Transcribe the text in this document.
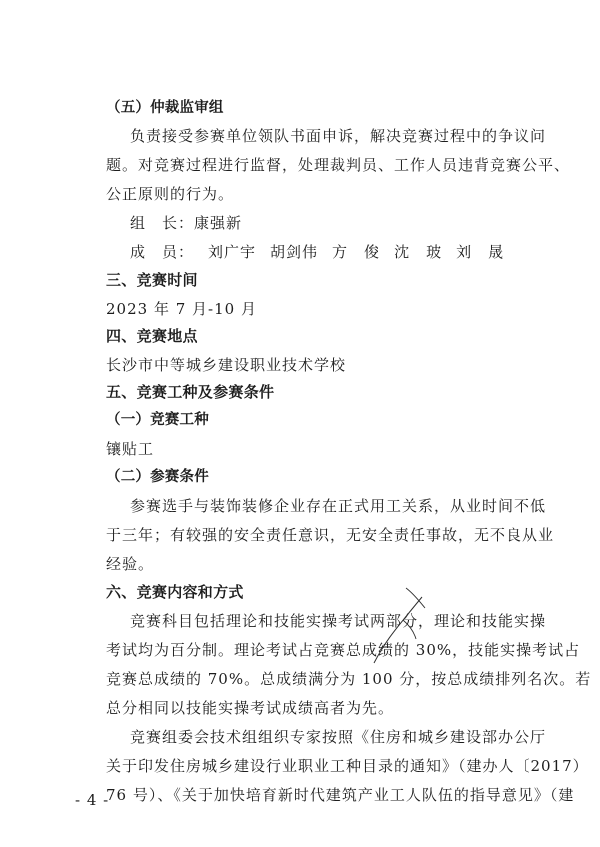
（五）仲裁监审组

负责接受参赛单位领队书面申诉，解决竞赛过程中的争议问

题。对竞赛过程进行监督，处理裁判员、工作人员违背竞赛公平、

公正原则的行为。

组　长：康强新

成　员： 刘广宇 胡剑伟 方　俊 沈　玻 刘　晟

三、竞赛时间

2023 年 7 月-10 月

四、竞赛地点

长沙市中等城乡建设职业技术学校

五、竞赛工种及参赛条件

（一）竞赛工种

镶贴工

（二）参赛条件

参赛选手与装饰装修企业存在正式用工关系，从业时间不低

于三年；有较强的安全责任意识，无安全责任事故，无不良从业

经验。

六、竞赛内容和方式

竞赛科目包括理论和技能实操考试两部分，理论和技能实操

考试均为百分制。理论考试占竞赛总成绩的 30%，技能实操考试占

竞赛总成绩的 70%。总成绩满分为 100 分，按总成绩排列名次。若

总分相同以技能实操考试成绩高者为先。

竞赛组委会技术组组织专家按照《住房和城乡建设部办公厅

关于印发住房城乡建设行业职业工种目录的通知》（建办人〔2017）

76 号）、《关于加快培育新时代建筑产业工人队伍的指导意见》（建

- 4 -
